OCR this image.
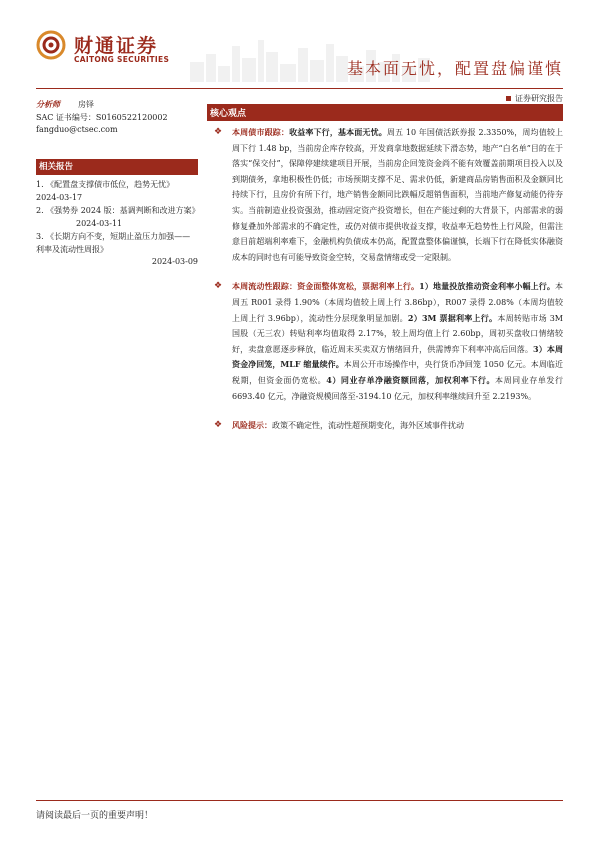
财通证券
CAITONG SECURITIES	基本面无忧，配置盘偏谨慎
证券研究报告
分析师 房铎
SAC 证书编号：S0160522120002
fangduo@ctsec.com
相关报告
1. 《配置盘支撑债市低位，趋势无忧》
2024-03-17
2. 《强势券 2024 版：基调判断和改进方案》
2024-03-11
3. 《长期方向不变，短期止盈压力加强——利率及流动性周报》
2024-03-09
核心观点
❖ 本周债市跟踪：收益率下行，基本面无忧。周五 10 年国债活跃券报 2.3350%，周均值较上周下行 1.48 bp，当前房企库存较高，开发商拿地数据延续下滑态势，地产“白名单”目的在于落实“保交付”，保障停建续建项目开展，当前房企回笼资金尚不能有效覆盖前期项目投入以及到期债务，拿地积极性仍低；市场预期支撑不足、需求仍低，新建商品房销售面积及金额同比持续下行，且房价有所下行，地产销售金额同比跌幅反超销售面积，当前地产修复动能仍待夯实。当前制造业投资强劲，推动固定资产投资增长，但在产能过剩的大背景下，内部需求的弱修复叠加外部需求的不确定性，或仍对债市提供收益支撑，收益率无趋势性上行风险，但需注意目前超端利率难下，金融机构负债成本仍高，配置盘整体偏谨慎，长端下行在降低实体融资成本的同时也有可能导致资金空转，交易盘情绪或受一定限制。
❖ 本周流动性跟踪：资金面整体宽松，票据利率上行。1）地量投放推动资金利率小幅上行。本周五 R001 录得 1.90%（本周均值较上周上行 3.86bp），R007 录得 2.08%（本周均值较上周上行 3.96bp），流动性分层现象明显加剧。2）3M 票据利率上行。本周转贴市场 3M 国股（无三农）转贴利率均值取得 2.17%，较上周均值上行 2.60bp，周初买盘收口情绪较好，卖盘意愿逐步释放，临近周末买卖双方情绪回升，供需博弈下利率冲高后回落。3）本周资金净回笼，MLF 缩量续作。本周公开市场操作中，央行货币净回笼 1050 亿元。本周临近税期，但资金面仍宽松。4）同业存单净融资额回落，加权利率下行。本周同业存单发行 6693.40 亿元，净融资规模回落至-3194.10 亿元，加权利率继续回升至 2.2193%。
❖ 风险提示：政策不确定性，流动性超预期变化，海外区域事件扰动
请阅读最后一页的重要声明！
